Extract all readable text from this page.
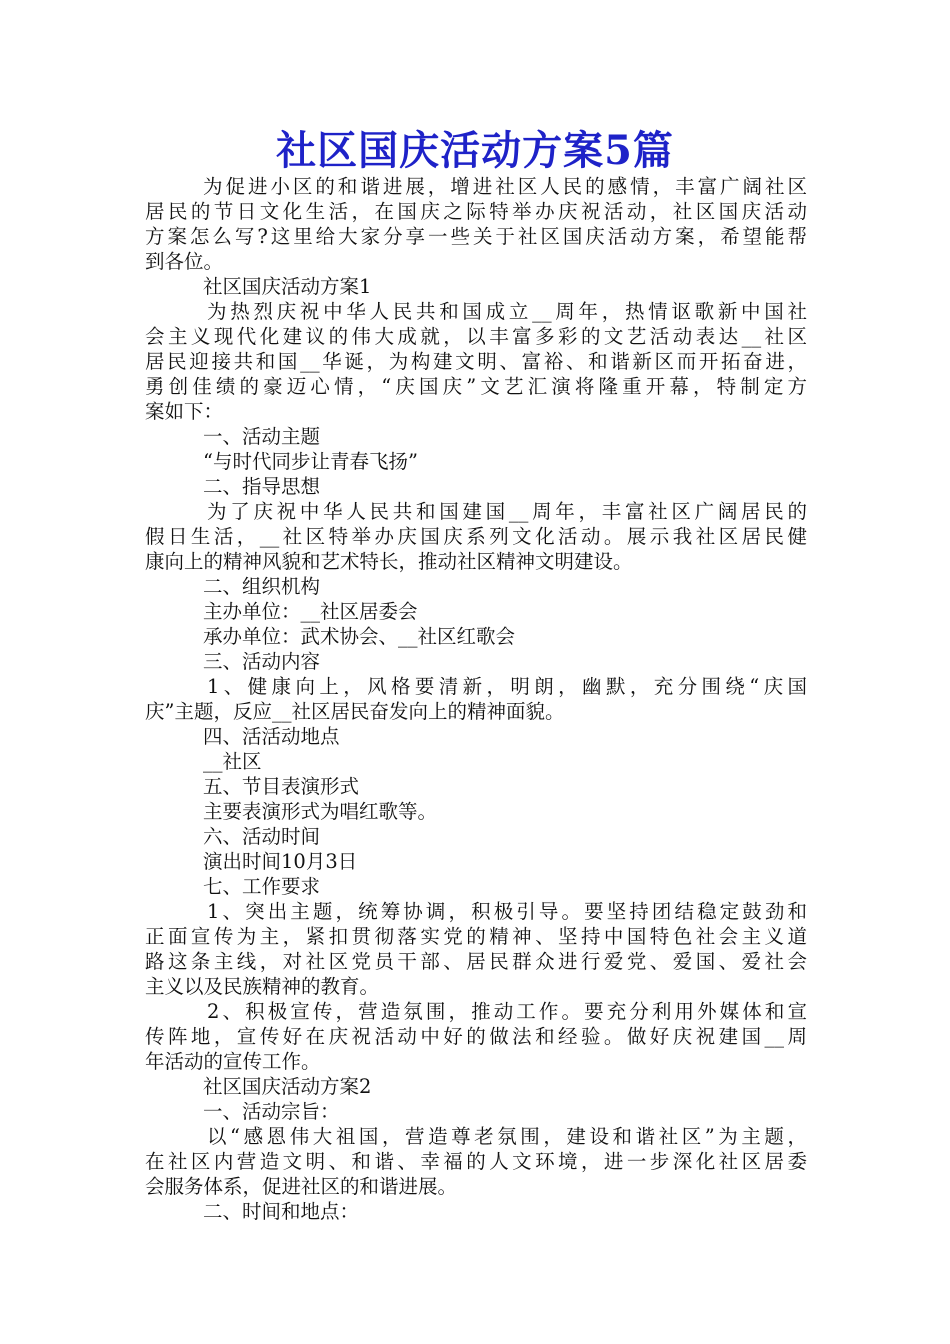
社区国庆活动方案5篇
为促进小区的和谐进展，增进社区人民的感情，丰富广阔社区
居民的节日文化生活，在国庆之际特举办庆祝活动，社区国庆活动
方案怎么写?这里给大家分享一些关于社区国庆活动方案，希望能帮
到各位。
社区国庆活动方案1
为热烈庆祝中华人民共和国成立__周年，热情讴歌新中国社
会主义现代化建议的伟大成就，以丰富多彩的文艺活动表达__社区
居民迎接共和国__华诞，为构建文明、富裕、和谐新区而开拓奋进，
勇创佳绩的豪迈心情，“庆国庆”文艺汇演将隆重开幕，特制定方
案如下：
一、活动主题
“与时代同步让青春飞扬”
二、指导思想
为了庆祝中华人民共和国建国__周年，丰富社区广阔居民的
假日生活，__社区特举办庆国庆系列文化活动。展示我社区居民健
康向上的精神风貌和艺术特长，推动社区精神文明建设。
二、组织机构
主办单位：__社区居委会
承办单位：武术协会、__社区红歌会
三、活动内容
1、健康向上，风格要清新，明朗，幽默，充分围绕“庆国
庆”主题，反应__社区居民奋发向上的精神面貌。
四、活活动地点
__社区
五、节目表演形式
主要表演形式为唱红歌等。
六、活动时间
演出时间10月3日
七、工作要求
1、突出主题，统筹协调，积极引导。要坚持团结稳定鼓劲和
正面宣传为主，紧扣贯彻落实党的精神、坚持中国特色社会主义道
路这条主线，对社区党员干部、居民群众进行爱党、爱国、爱社会
主义以及民族精神的教育。
2、积极宣传，营造氛围，推动工作。要充分利用外媒体和宣
传阵地，宣传好在庆祝活动中好的做法和经验。做好庆祝建国__周
年活动的宣传工作。
社区国庆活动方案2
一、活动宗旨：
以“感恩伟大祖国，营造尊老氛围，建设和谐社区”为主题，
在社区内营造文明、和谐、幸福的人文环境，进一步深化社区居委
会服务体系，促进社区的和谐进展。
二、时间和地点：
